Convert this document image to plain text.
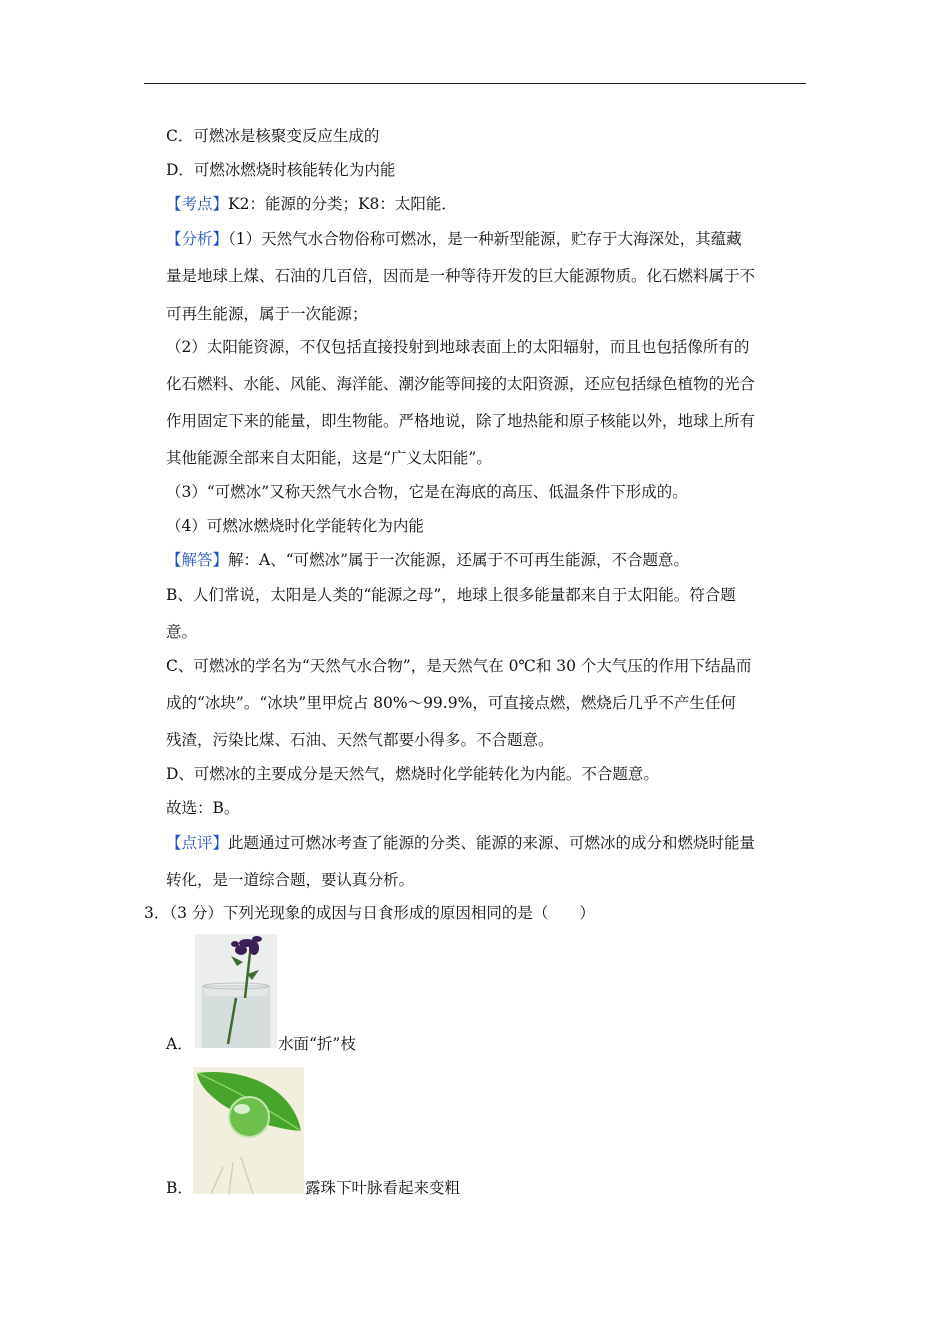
C．可燃冰是核聚变反应生成的
D．可燃冰燃烧时核能转化为内能
【考点】K2：能源的分类；K8：太阳能．
【分析】（1）天然气水合物俗称可燃冰，是一种新型能源，贮存于大海深处，其蕴藏
量是地球上煤、石油的几百倍，因而是一种等待开发的巨大能源物质。化石燃料属于不
可再生能源，属于一次能源；
（2）太阳能资源，不仅包括直接投射到地球表面上的太阳辐射，而且也包括像所有的
化石燃料、水能、风能、海洋能、潮汐能等间接的太阳资源，还应包括绿色植物的光合
作用固定下来的能量，即生物能。严格地说，除了地热能和原子核能以外，地球上所有
其他能源全部来自太阳能，这是“广义太阳能”。
（3）“可燃冰”又称天然气水合物，它是在海底的高压、低温条件下形成的。
（4）可燃冰燃烧时化学能转化为内能
【解答】解：A、“可燃冰”属于一次能源，还属于不可再生能源，不合题意。
B、人们常说，太阳是人类的“能源之母”，地球上很多能量都来自于太阳能。符合题
意。
C、可燃冰的学名为“天然气水合物”，是天然气在 0℃和 30 个大气压的作用下结晶而
成的“冰块”。“冰块”里甲烷占 80%～99.9%，可直接点燃，燃烧后几乎不产生任何
残渣，污染比煤、石油、天然气都要小得多。不合题意。
D、可燃冰的主要成分是天然气，燃烧时化学能转化为内能。不合题意。
故选：B。
【点评】此题通过可燃冰考查了能源的分类、能源的来源、可燃冰的成分和燃烧时能量
转化，是一道综合题，要认真分析。
3．（3 分）下列光现象的成因与日食形成的原因相同的是（　　）
A．	水面“折”枝
B．	露珠下叶脉看起来变粗
